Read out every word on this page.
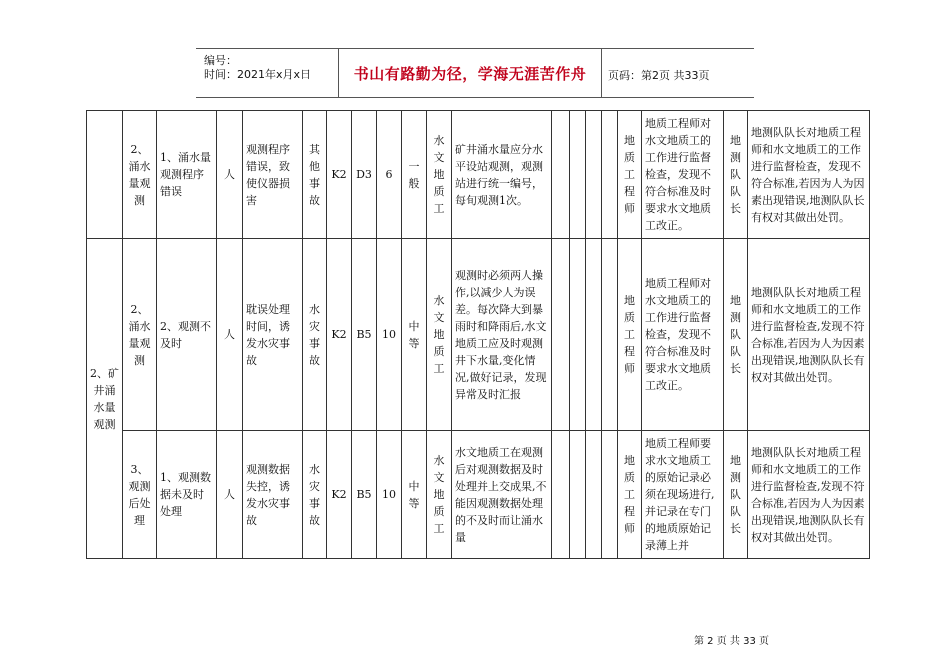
编号：
时间：2021年x月x日	书山有路勤为径，学海无涯苦作舟	页码：第2页 共33页
	2、涌水量观测	1、涌水量观测程序错误	人	观测程序错误，致使仪器损害	其他事故	K2	D3	6	一般	水文地质工	矿井涌水量应分水平设站观测，观测站进行统一编号，每旬观测1次。					地质工程师	地质工程师对水文地质工的工作进行监督检查，发现不符合标准及时要求水文地质工改正。	地测队队长	地测队队长对地质工程师和水文地质工的工作进行监督检查，发现不符合标准,若因为人为因素出现错误,地测队队长有权对其做出处罚。
2、矿井涌水量观测	2、涌水量观测	2、观测不及时	人	耽误处理时间，诱发水灾事故	水灾事故	K2	B5	10	中等	水文地质工	观测时必须两人操作,以减少人为误差。每次降大到暴雨时和降雨后,水文地质工应及时观测井下水量,变化情况,做好记录，发现异常及时汇报					地质工程师	地质工程师对水文地质工的工作进行监督检查，发现不符合标准及时要求水文地质工改正。	地测队队长	地测队队长对地质工程师和水文地质工的工作进行监督检查,发现不符合标准,若因为人为因素出现错误,地测队队长有权对其做出处罚。
	3、观测后处理	1、观测数据未及时处理	人	观测数据失控，诱发水灾事故	水灾事故	K2	B5	10	中等	水文地质工	水文地质工在观测后对观测数据及时处理并上交成果,不能因观测数据处理的不及时而让涌水量					地质工程师	地质工程师要求水文地质工的原始记录必须在现场进行,并记录在专门的地质原始记录薄上并	地测队队长	地测队队长对地质工程师和水文地质工的工作进行监督检查,发现不符合标准,若因为人为因素出现错误,地测队队长有权对其做出处罚。
第 2 页 共 33 页
